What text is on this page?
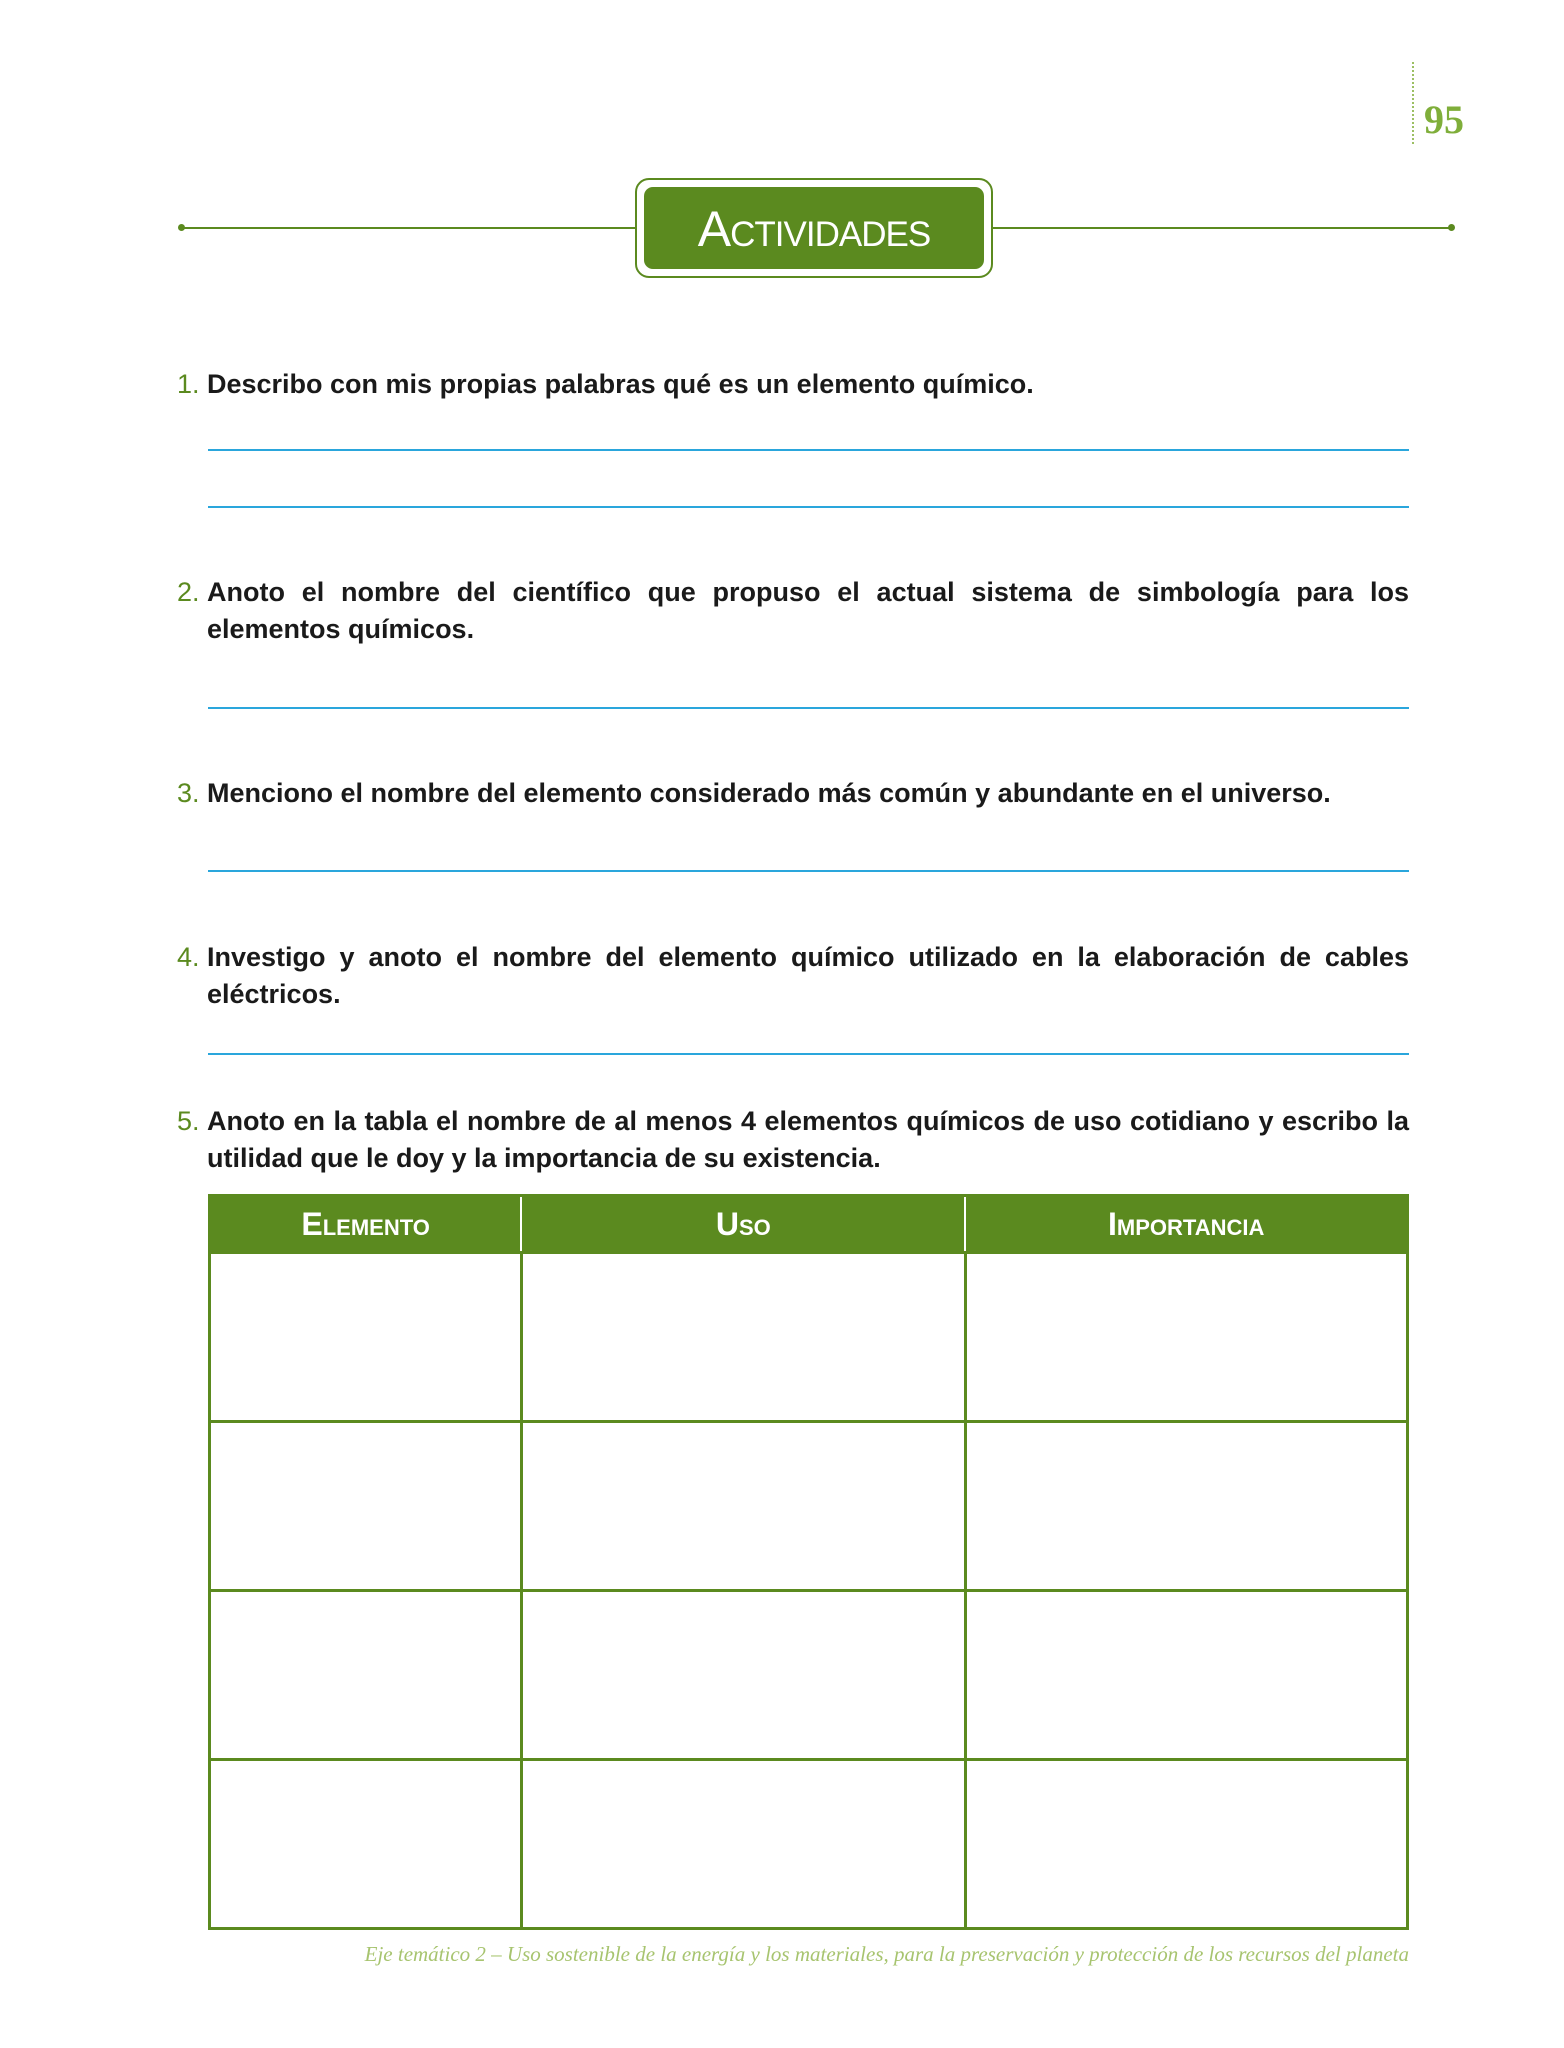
95
Actividades
1. Describo con mis propias palabras qué es un elemento químico.
2. Anoto el nombre del científico que propuso el actual sistema de simbología para los elementos químicos.
3. Menciono el nombre del elemento considerado más común y abundante en el universo.
4. Investigo y anoto el nombre del elemento químico utilizado en la elaboración de cables eléctricos.
5. Anoto en la tabla el nombre de al menos 4 elementos químicos de uso cotidiano y escribo la utilidad que le doy y la importancia de su existencia.
Elemento	Uso	Importancia

Eje temático 2 – Uso sostenible de la energía y los materiales, para la preservación y protección de los recursos del planeta
